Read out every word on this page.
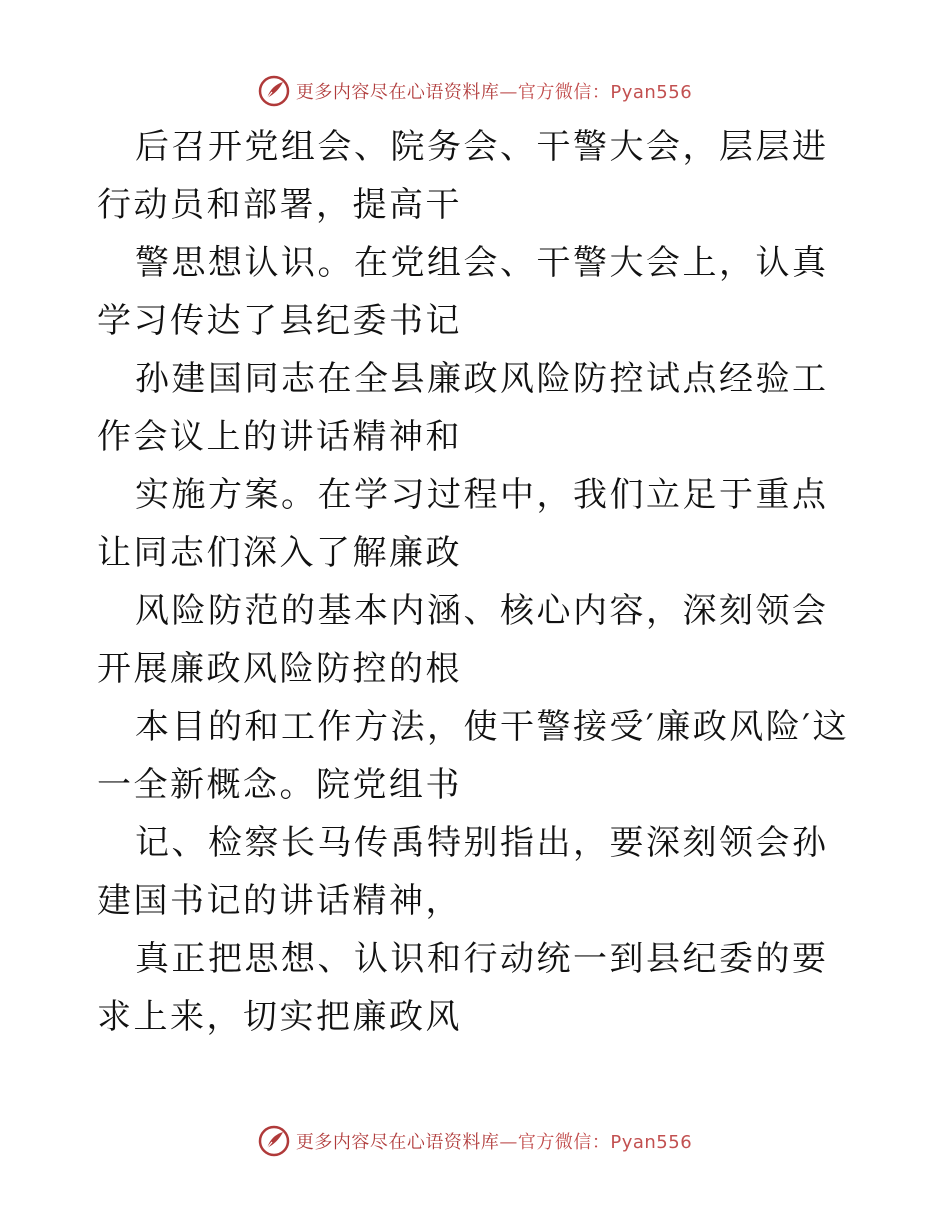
更多内容尽在心语资料库—官方微信：Pyan556

后召开党组会、院务会、干警大会，层层进行动员和部署，提高干

警思想认识。在党组会、干警大会上，认真学习传达了县纪委书记

孙建国同志在全县廉政风险防控试点经验工作会议上的讲话精神和

实施方案。在学习过程中，我们立足于重点让同志们深入了解廉政

风险防范的基本内涵、核心内容，深刻领会开展廉政风险防控的根

本目的和工作方法，使干警接受′廉政风险′这一全新概念。院党组书

记、检察长马传禹特别指出，要深刻领会孙建国书记的讲话精神，

真正把思想、认识和行动统一到县纪委的要求上来，切实把廉政风

更多内容尽在心语资料库—官方微信：Pyan556
